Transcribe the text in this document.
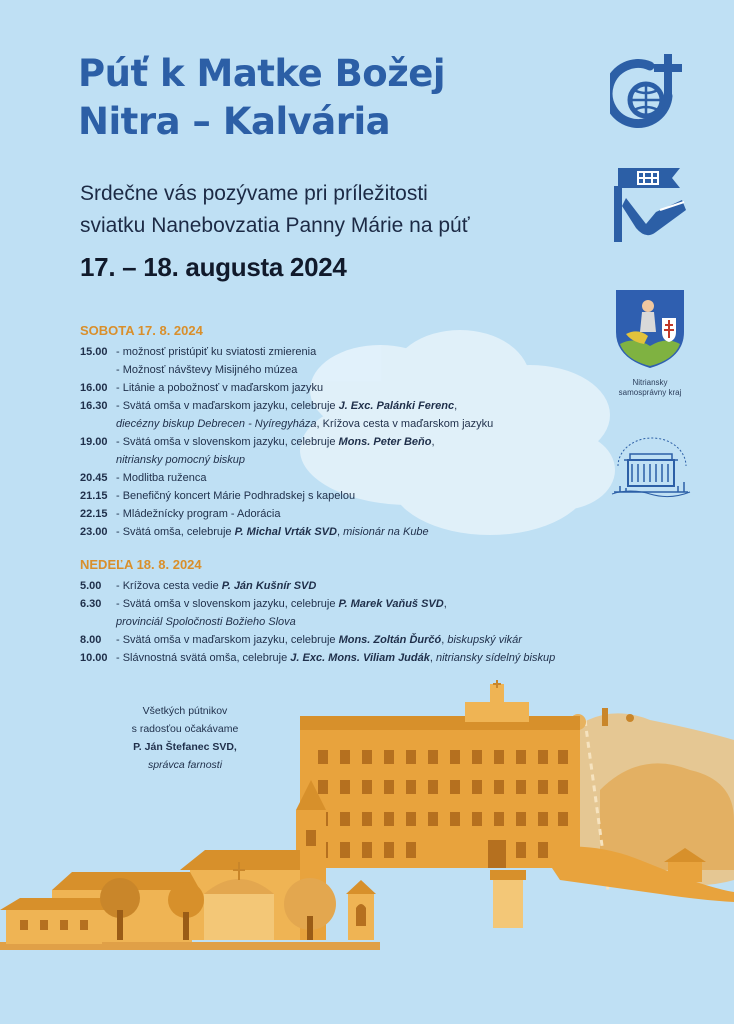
Púť k Matke Božej
Nitra – Kalvária
Srdečne vás pozývame pri príležitosti
sviatku Nanebovzatia Panny Márie na púť
17. – 18. augusta 2024
Nitriansky
samosprávny kraj
SOBOTA 17. 8. 2024
15.00 - možnosť pristúpiť ku sviatosti zmierenia
- Možnosť návštevy Misijného múzea
16.00 - Litánie a pobožnosť v maďarskom jazyku
16.30 - Svätá omša v maďarskom jazyku, celebruje J. Exc. Palánki Ferenc,
diecézny biskup Debrecen - Nyíregyháza, Krížova cesta v maďarskom jazyku
19.00 - Svätá omša v slovenskom jazyku, celebruje Mons. Peter Beňo,
nitriansky pomocný biskup
20.45 - Modlitba ruženca
21.15 - Benefičný koncert Márie Podhradskej s kapelou
22.15 - Mládežnícky program - Adorácia
23.00 - Svätá omša, celebruje P. Michal Vrták SVD, misionár na Kube
NEDEĽA 18. 8. 2024
5.00	- Krížova cesta vedie P. Ján Kušnír SVD
6.30	- Svätá omša v slovenskom jazyku, celebruje P. Marek Vaňuš SVD,
provinciál Spoločnosti Božieho Slova
8.00	- Svätá omša v maďarskom jazyku, celebruje Mons. Zoltán Ďurčó, biskupský vikár
10.00 - Slávnostná svätá omša, celebruje J. Exc. Mons. Viliam Judák, nitriansky sídelný biskup
Všetkých pútnikov
s radosťou očakávame
P. Ján Štefanec SVD,
správca farnosti
